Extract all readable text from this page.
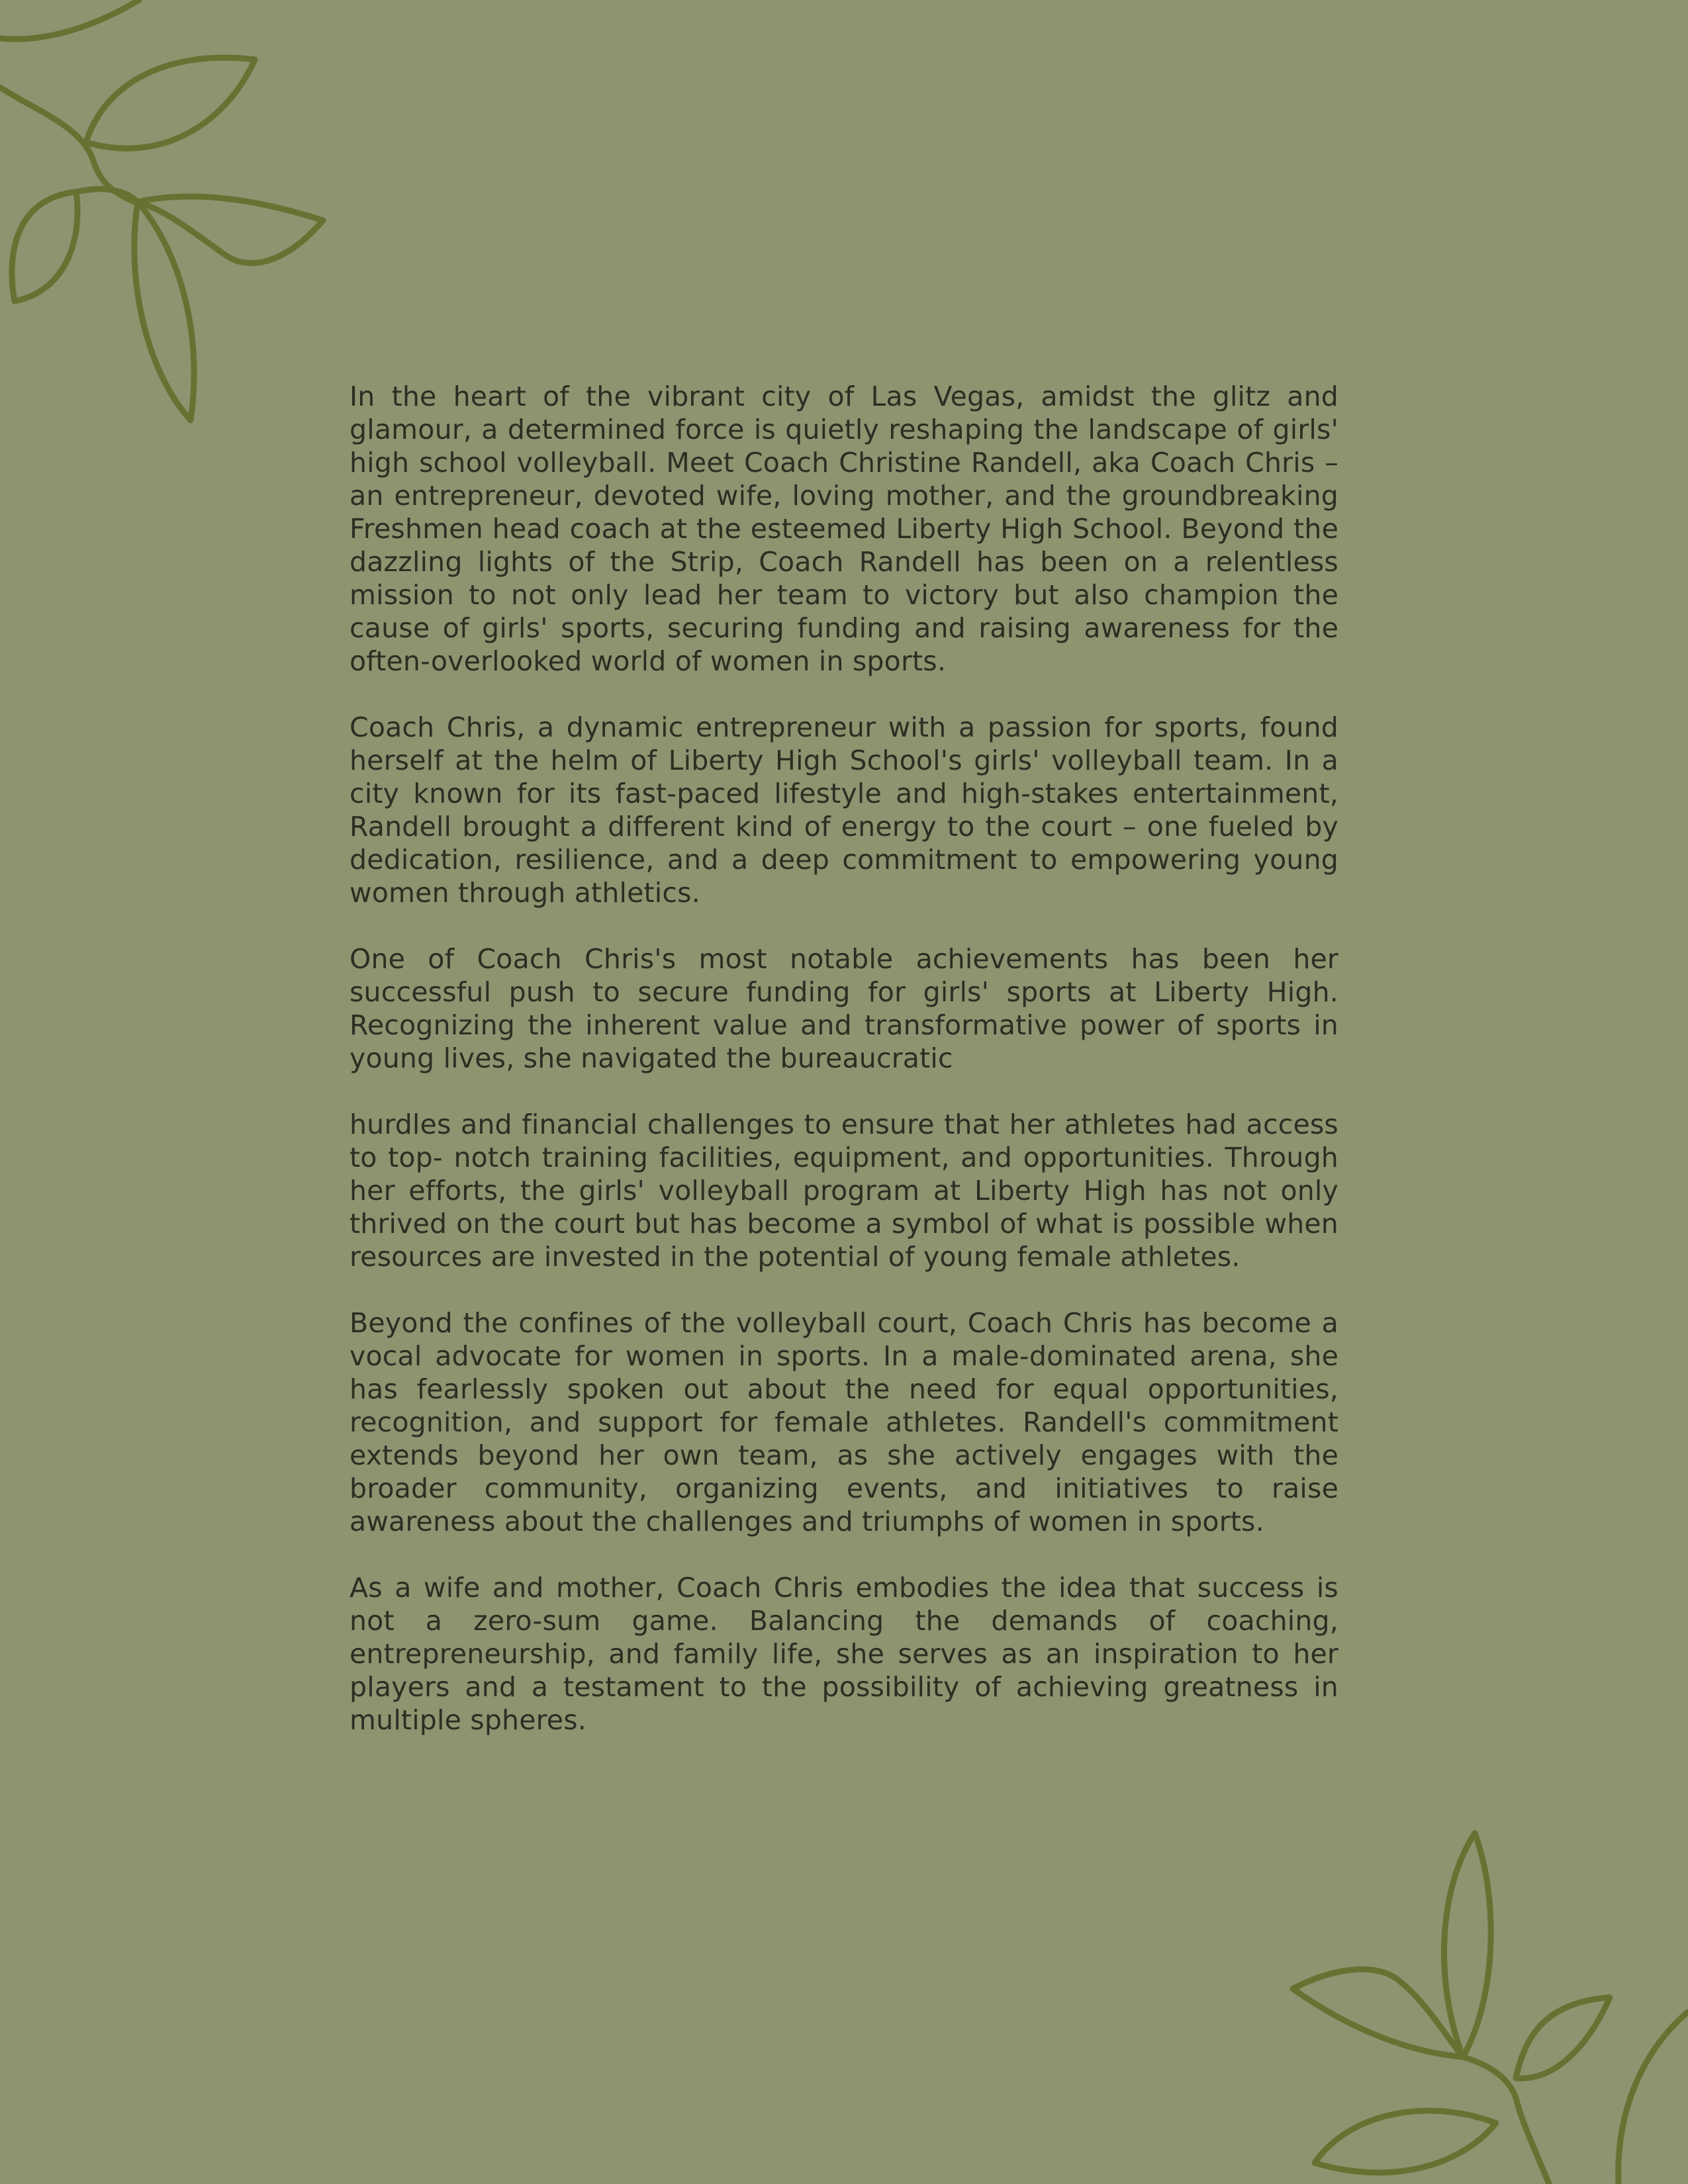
In the heart of the vibrant city of Las Vegas, amidst the glitz and glamour, a determined force is quietly reshaping the landscape of girls' high school volleyball. Meet Coach Christine Randell, aka Coach Chris – an entrepreneur, devoted wife, loving mother, and the groundbreaking Freshmen head coach at the esteemed Liberty High School. Beyond the dazzling lights of the Strip, Coach Randell has been on a relentless mission to not only lead her team to victory but also champion the cause of girls' sports, securing funding and raising awareness for the often-overlooked world of women in sports.

Coach Chris, a dynamic entrepreneur with a passion for sports, found herself at the helm of Liberty High School's girls' volleyball team. In a city known for its fast-paced lifestyle and high-stakes entertainment, Randell brought a different kind of energy to the court – one fueled by dedication, resilience, and a deep commitment to empowering young women through athletics.

One of Coach Chris's most notable achievements has been her successful push to secure funding for girls' sports at Liberty High. Recognizing the inherent value and transformative power of sports in young lives, she navigated the bureaucratic

hurdles and financial challenges to ensure that her athletes had access to top- notch training facilities, equipment, and opportunities. Through her efforts, the girls' volleyball program at Liberty High has not only thrived on the court but has become a symbol of what is possible when resources are invested in the potential of young female athletes.

Beyond the confines of the volleyball court, Coach Chris has become a vocal advocate for women in sports. In a male-dominated arena, she has fearlessly spoken out about the need for equal opportunities, recognition, and support for female athletes. Randell's commitment extends beyond her own team, as she actively engages with the broader community, organizing events, and initiatives to raise awareness about the challenges and triumphs of women in sports.

As a wife and mother, Coach Chris embodies the idea that success is not a zero-sum game. Balancing the demands of coaching, entrepreneurship, and family life, she serves as an inspiration to her players and a testament to the possibility of achieving greatness in multiple spheres.
